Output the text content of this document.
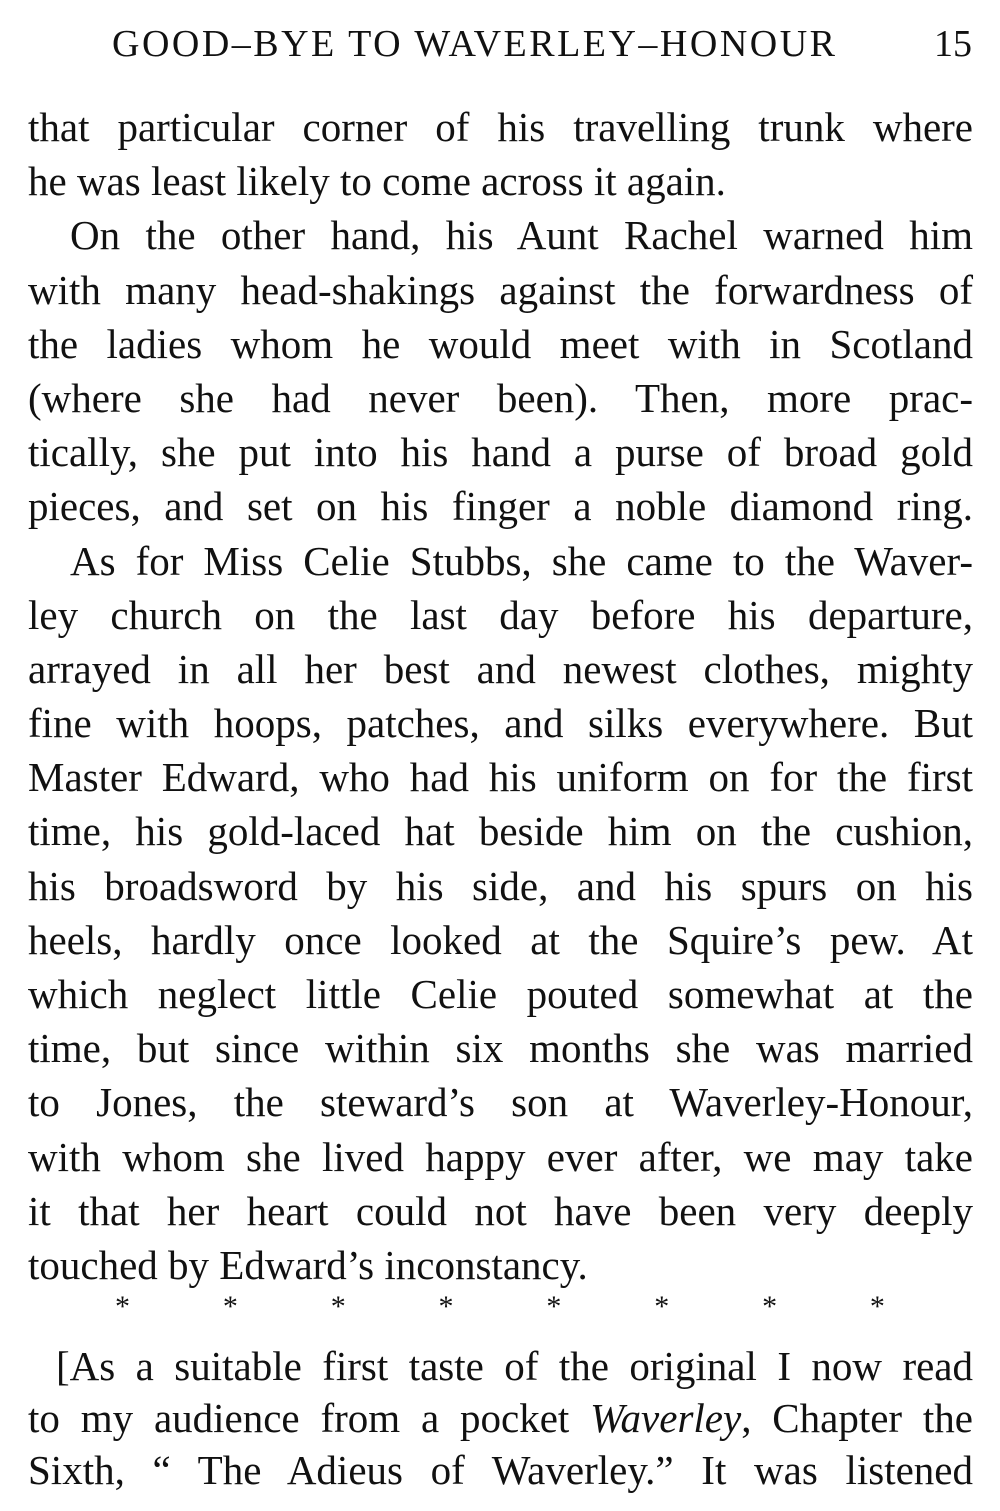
GOOD–BYE TO WAVERLEY–HONOUR	15
that particular corner of his travelling trunk where
he was least likely to come across it again.
On the other hand, his Aunt Rachel warned him
with many head-shakings against the forwardness of
the ladies whom he would meet with in Scotland
(where she had never been). Then, more prac-
tically, she put into his hand a purse of broad gold
pieces, and set on his finger a noble diamond ring.
As for Miss Celie Stubbs, she came to the Waver-
ley church on the last day before his departure,
arrayed in all her best and newest clothes, mighty
fine with hoops, patches, and silks everywhere. But
Master Edward, who had his uniform on for the first
time, his gold-laced hat beside him on the cushion,
his broadsword by his side, and his spurs on his
heels, hardly once looked at the Squire’s pew. At
which neglect little Celie pouted somewhat at the
time, but since within six months she was married
to Jones, the steward’s son at Waverley-Honour,
with whom she lived happy ever after, we may take
it that her heart could not have been very deeply
touched by Edward’s inconstancy.
*	*	*	*	*	*	*	*
[As a suitable first taste of the original I now read
to my audience from a pocket Waverley, Chapter the
Sixth, “ The Adieus of Waverley.” It was listened
